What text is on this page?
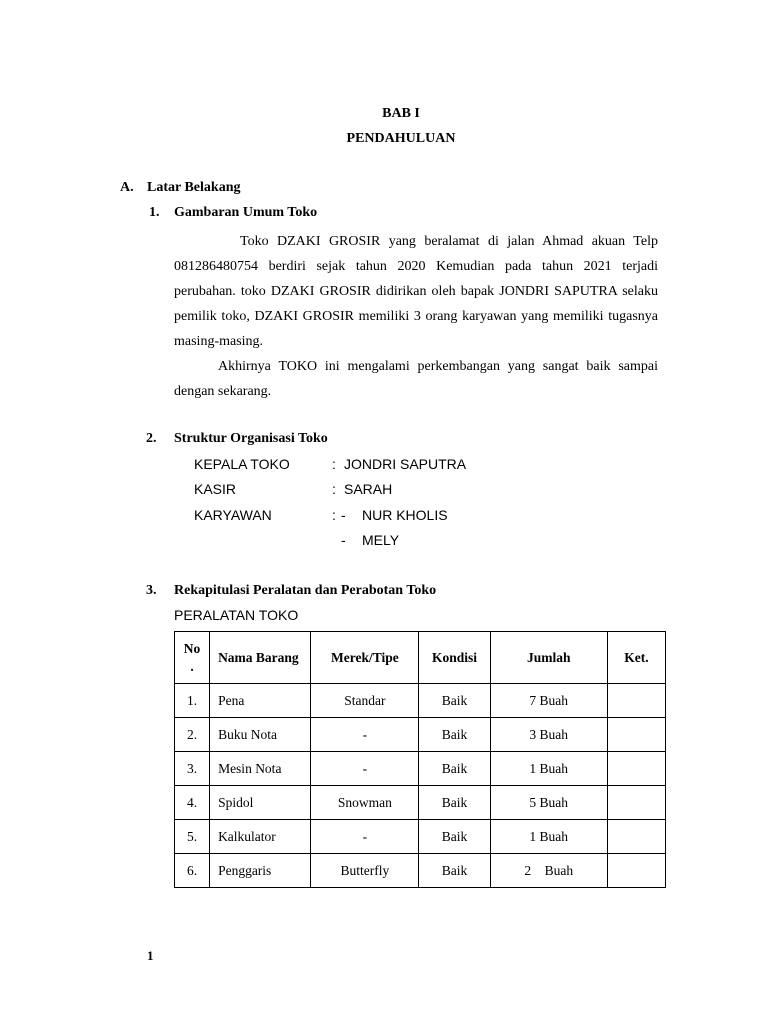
BAB I
PENDAHULUAN
A. Latar Belakang
1. Gambaran Umum Toko

Toko DZAKI GROSIR yang beralamat di jalan Ahmad akuan Telp 081286480754 berdiri sejak tahun 2020 Kemudian pada tahun 2021 terjadi perubahan. toko DZAKI GROSIR didirikan oleh bapak JONDRI SAPUTRA selaku pemilik toko, DZAKI GROSIR memiliki 3 orang karyawan yang memiliki tugasnya masing-masing.

Akhirnya TOKO ini mengalami perkembangan yang sangat baik sampai dengan sekarang.

2. Struktur Organisasi Toko
KEPALA TOKO	: JONDRI SAPUTRA
KASIR	: SARAH
KARYAWAN	: - NUR KHOLIS
- MELY
3. Rekapitulasi Peralatan dan Perabotan Toko
PERALATAN TOKO
No
.	Nama Barang	Merek/Tipe	Kondisi	Jumlah	Ket.
1.	Pena	Standar	Baik	7 Buah	
2.	Buku Nota	-	Baik	3 Buah	
3.	Mesin Nota	-	Baik	1 Buah	
4.	Spidol	Snowman	Baik	5 Buah	
5.	Kalkulator	-	Baik	1 Buah	
6.	Penggaris	Butterfly	Baik	2    Buah	
1
